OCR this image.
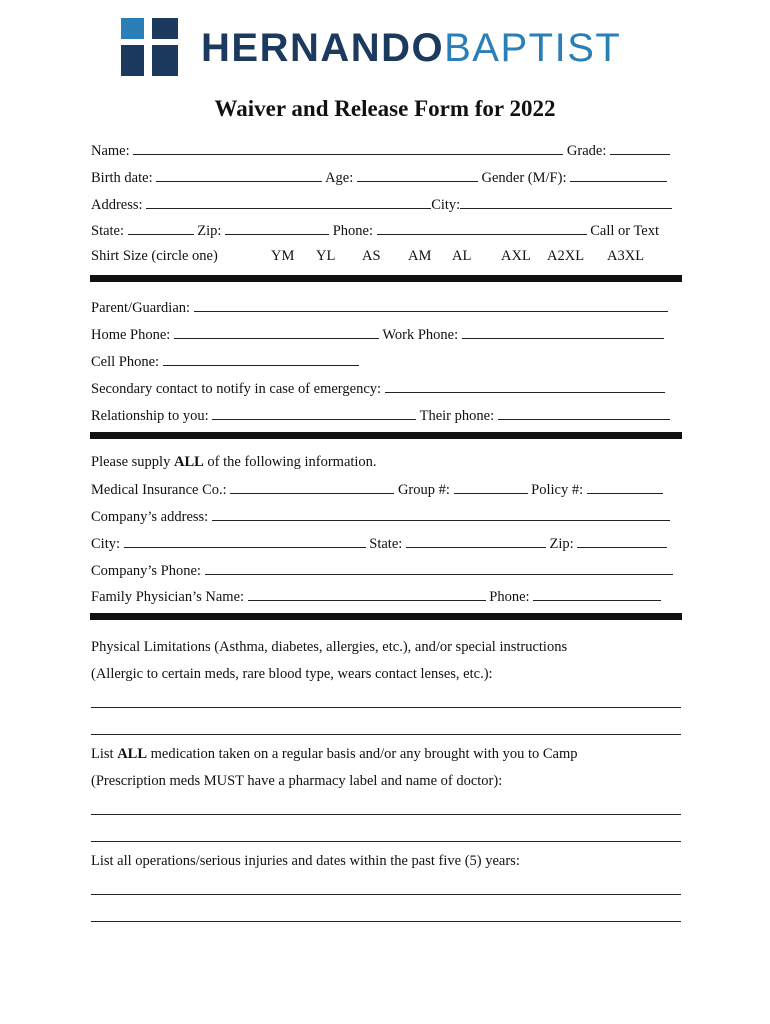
HERNANDOBAPTIST
Waiver and Release Form for 2022
Name:	Grade:
Birth date:	Age:	Gender (M/F):
Address:	City:
State:	Zip:	Phone:	Call or Text
Shirt Size (circle one)	YM YL AS AM AL AXL A2XL A3XL
Parent/Guardian:
Home Phone:	Work Phone:
Cell Phone:
Secondary contact to notify in case of emergency:
Relationship to you:	Their phone:
Please supply ALL of the following information.
Medical Insurance Co.:	Group #:	Policy #:
Company’s address:
City:	State:	Zip:
Company’s Phone:
Family Physician’s Name:	Phone:
Physical Limitations (Asthma, diabetes, allergies, etc.), and/or special instructions
(Allergic to certain meds, rare blood type, wears contact lenses, etc.):
List ALL medication taken on a regular basis and/or any brought with you to Camp
(Prescription meds MUST have a pharmacy label and name of doctor):
List all operations/serious injuries and dates within the past five (5) years:
